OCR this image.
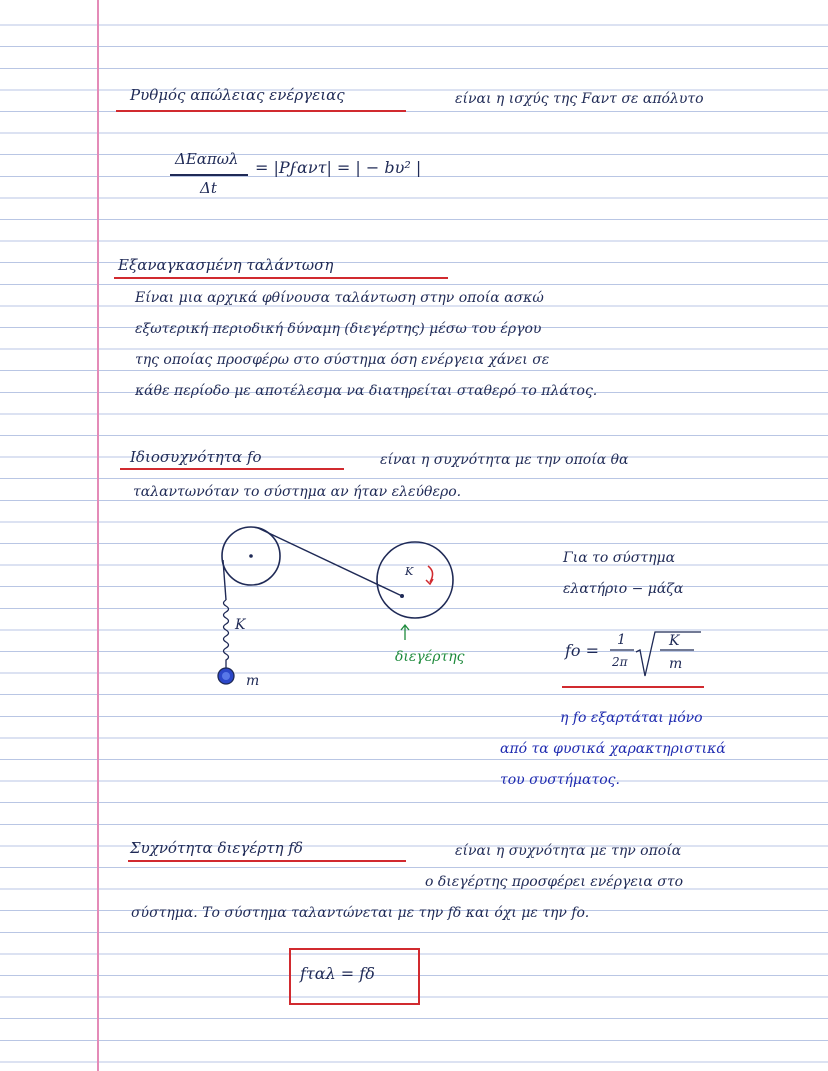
Ρυθμός απώλειας ενέργειας	είναι η ισχύς της Fαντ σε απόλυτο
ΔEαπωλ
Δt
= |Pϝαντ| = | − bυ² |
Εξαναγκασμένη ταλάντωση
Είναι μια αρχικά φθίνουσα ταλάντωση στην οποία ασκώ
εξωτερική περιοδική δύναμη (διεγέρτης) μέσω του έργου
της οποίας προσφέρω στο σύστημα όση ενέργεια χάνει σε
κάθε περίοδο με αποτέλεσμα να διατηρείται σταθερό το πλάτος.
Ιδιοσυχνότητα fo	είναι η συχνότητα με την οποία θα
ταλαντωνόταν το σύστημα αν ήταν ελεύθερο.
K
m
K
διεγέρτης
Για το σύστημα
ελατήριο − μάζα
fo =
1
2π
K
m
η fo εξαρτάται μόνο
από τα φυσικά χαρακτηριστικά
του συστήματος.
Συχνότητα διεγέρτη fδ	είναι η συχνότητα με την οποία
ο διεγέρτης προσφέρει ενέργεια στο
σύστημα. Το σύστημα ταλαντώνεται με την fδ και όχι με την fo.
fταλ = fδ
